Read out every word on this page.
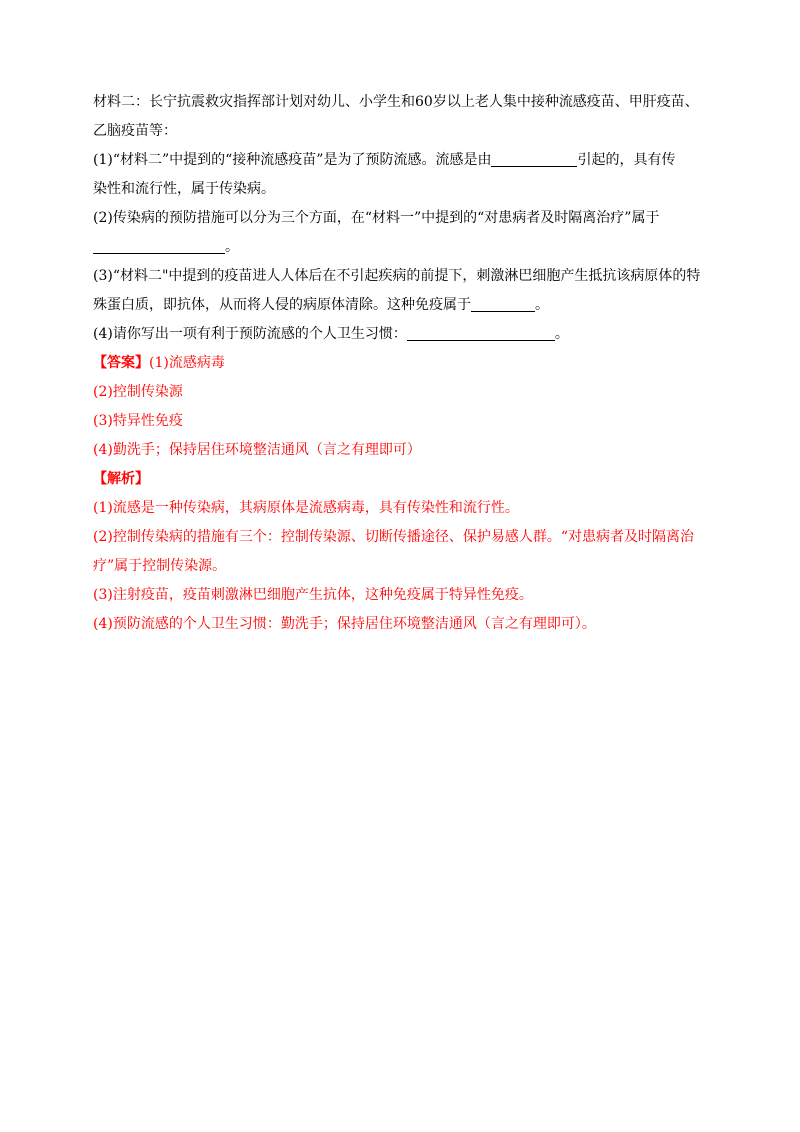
材料二：长宁抗震救灾指挥部计划对幼儿、小学生和60岁以上老人集中接种流感疫苗、甲肝疫苗、
乙脑疫苗等：
(1)“材料二”中提到的“接种流感疫苗”是为了预防流感。流感是由	引起的，具有传
染性和流行性，属于传染病。
(2)传染病的预防措施可以分为三个方面，在“材料一”中提到的“对患病者及时隔离治疗”属于
。
(3)“材料二"中提到的疫苗进人人体后在不引起疾病的前提下，刺激淋巴细胞产生抵抗该病原体的特
殊蛋白质，即抗体，从而将人侵的病原体清除。这种免疫属于	。
(4)请你写出一项有利于预防流感的个人卫生习惯：	。
【答案】(1)流感病毒
(2)控制传染源
(3)特异性免疫
(4)勤洗手；保持居住环境整洁通风（言之有理即可）
【解析】
(1)流感是一种传染病，其病原体是流感病毒，具有传染性和流行性。
(2)控制传染病的措施有三个：控制传染源、切断传播途径、保护易感人群。“对患病者及时隔离治
疗”属于控制传染源。
(3)注射疫苗，疫苗刺激淋巴细胞产生抗体，这种免疫属于特异性免疫。
(4)预防流感的个人卫生习惯：勤洗手；保持居住环境整洁通风（言之有理即可）。
